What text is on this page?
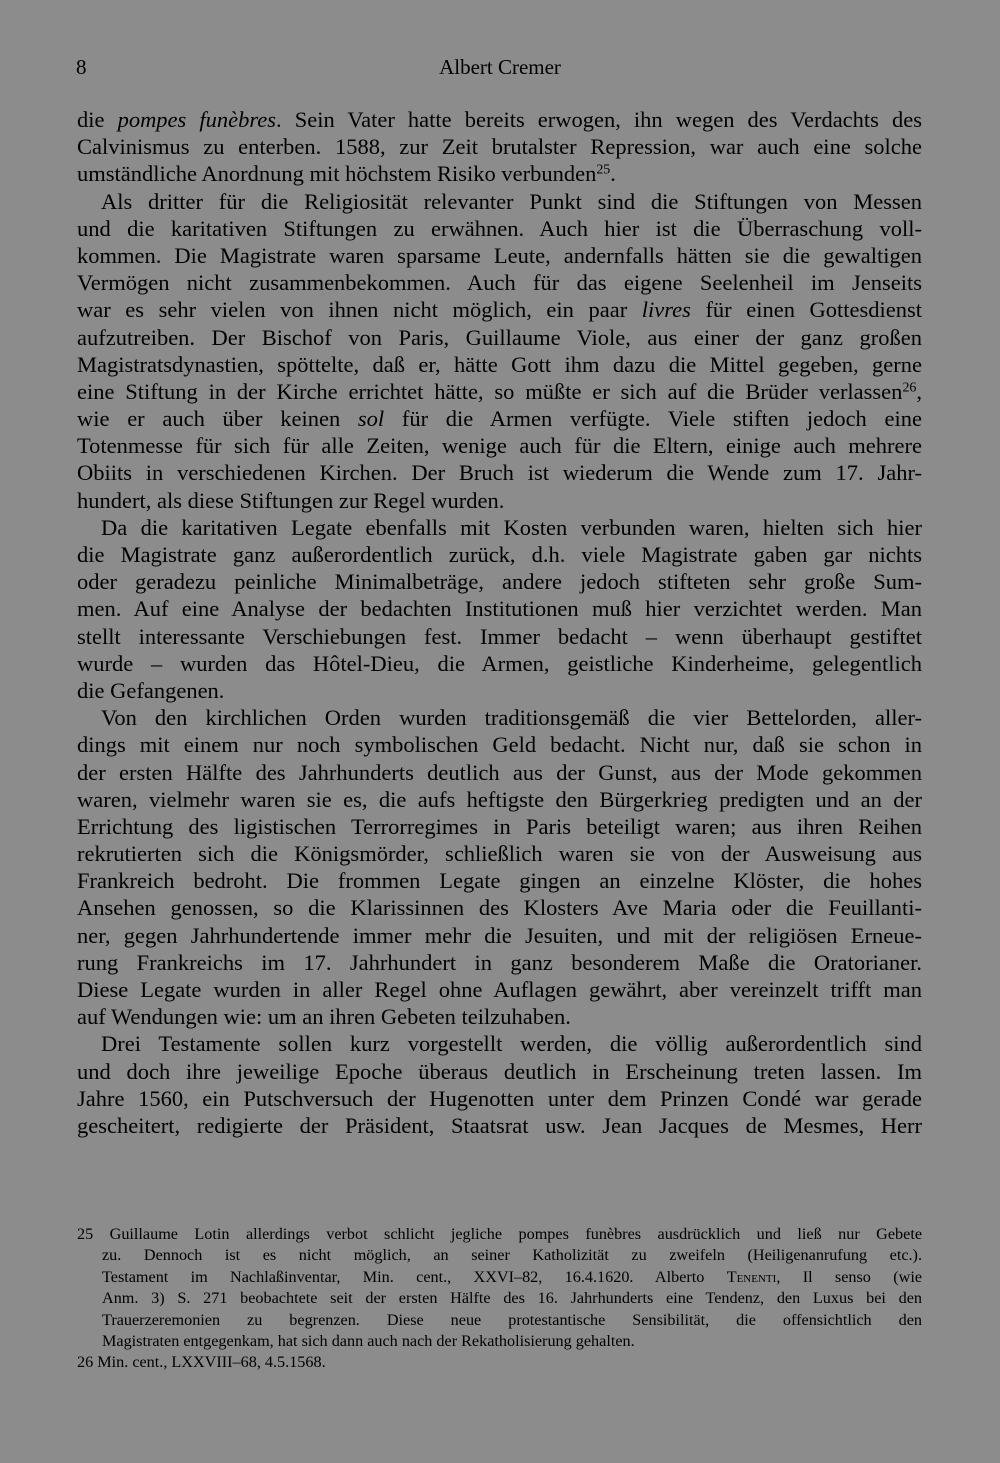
8	Albert Cremer
die pompes funèbres. Sein Vater hatte bereits erwogen, ihn wegen des Verdachts des
Calvinismus zu enterben. 1588, zur Zeit brutalster Repression, war auch eine solche
umständliche Anordnung mit höchstem Risiko verbunden$^{25}$.
Als dritter für die Religiosität relevanter Punkt sind die Stiftungen von Messen
und die karitativen Stiftungen zu erwähnen. Auch hier ist die Überraschung voll-
kommen. Die Magistrate waren sparsame Leute, andernfalls hätten sie die gewaltigen
Vermögen nicht zusammenbekommen. Auch für das eigene Seelenheil im Jenseits
war es sehr vielen von ihnen nicht möglich, ein paar livres für einen Gottesdienst
aufzutreiben. Der Bischof von Paris, Guillaume Viole, aus einer der ganz großen
Magistratsdynastien, spöttelte, daß er, hätte Gott ihm dazu die Mittel gegeben, gerne
eine Stiftung in der Kirche errichtet hätte, so müßte er sich auf die Brüder verlassen$^{26}$,
wie er auch über keinen sol für die Armen verfügte. Viele stiften jedoch eine
Totenmesse für sich für alle Zeiten, wenige auch für die Eltern, einige auch mehrere
Obiits in verschiedenen Kirchen. Der Bruch ist wiederum die Wende zum 17. Jahr-
hundert, als diese Stiftungen zur Regel wurden.
Da die karitativen Legate ebenfalls mit Kosten verbunden waren, hielten sich hier
die Magistrate ganz außerordentlich zurück, d.h. viele Magistrate gaben gar nichts
oder geradezu peinliche Minimalbeträge, andere jedoch stifteten sehr große Sum-
men. Auf eine Analyse der bedachten Institutionen muß hier verzichtet werden. Man
stellt interessante Verschiebungen fest. Immer bedacht – wenn überhaupt gestiftet
wurde – wurden das Hôtel-Dieu, die Armen, geistliche Kinderheime, gelegentlich
die Gefangenen.
Von den kirchlichen Orden wurden traditionsgemäß die vier Bettelorden, aller-
dings mit einem nur noch symbolischen Geld bedacht. Nicht nur, daß sie schon in
der ersten Hälfte des Jahrhunderts deutlich aus der Gunst, aus der Mode gekommen
waren, vielmehr waren sie es, die aufs heftigste den Bürgerkrieg predigten und an der
Errichtung des ligistischen Terrorregimes in Paris beteiligt waren; aus ihren Reihen
rekrutierten sich die Königsmörder, schließlich waren sie von der Ausweisung aus
Frankreich bedroht. Die frommen Legate gingen an einzelne Klöster, die hohes
Ansehen genossen, so die Klarissinnen des Klosters Ave Maria oder die Feuillanti-
ner, gegen Jahrhundertende immer mehr die Jesuiten, und mit der religiösen Erneue-
rung Frankreichs im 17. Jahrhundert in ganz besonderem Maße die Oratorianer.
Diese Legate wurden in aller Regel ohne Auflagen gewährt, aber vereinzelt trifft man
auf Wendungen wie: um an ihren Gebeten teilzuhaben.
Drei Testamente sollen kurz vorgestellt werden, die völlig außerordentlich sind
und doch ihre jeweilige Epoche überaus deutlich in Erscheinung treten lassen. Im
Jahre 1560, ein Putschversuch der Hugenotten unter dem Prinzen Condé war gerade
gescheitert, redigierte der Präsident, Staatsrat usw. Jean Jacques de Mesmes, Herr
25 Guillaume Lotin allerdings verbot schlicht jegliche pompes funèbres ausdrücklich und ließ nur Gebete
zu. Dennoch ist es nicht möglich, an seiner Katholizität zu zweifeln (Heiligenanrufung etc.).
Testament im Nachlaßinventar, Min. cent., XXVI–82, 16.4.1620. Alberto Tenenti, Il senso (wie
Anm. 3) S. 271 beobachtete seit der ersten Hälfte des 16. Jahrhunderts eine Tendenz, den Luxus bei den
Trauerzeremonien zu begrenzen. Diese neue protestantische Sensibilität, die offensichtlich den
Magistraten entgegenkam, hat sich dann auch nach der Rekatholisierung gehalten.
26 Min. cent., LXXVIII–68, 4.5.1568.
